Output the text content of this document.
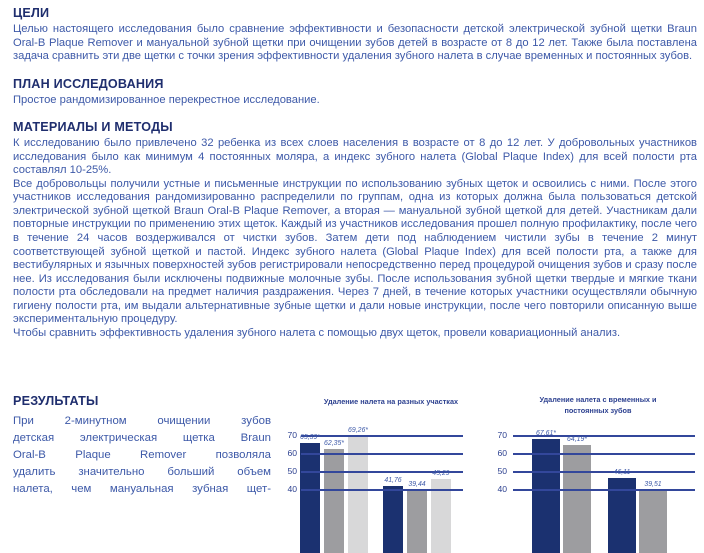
ЦЕЛИ

Целью настоящего исследования было сравнение эффективности и безопасности детской электрической зубной щетки Braun Oral-B Plaque Remover и мануальной зубной щетки при очищении зубов детей в возрасте от 8 до 12 лет. Также была поставлена задача сравнить эти две щетки с точки зрения эффективности удаления зубного налета в случае временных и постоянных зубов.

ПЛАН ИССЛЕДОВАНИЯ

Простое рандомизированное перекрестное исследование.

МАТЕРИАЛЫ И МЕТОДЫ

К исследованию было привлечено 32 ребенка из всех слоев населения в возрасте от 8 до 12 лет. У добровольных участников исследования было как минимум 4 постоянных моляра, а индекс зубного налета (Global Plaque Index) для всей полости рта составлял 10-25%.

Все добровольцы получили устные и письменные инструкции по использованию зубных щеток и освоились с ними. После этого участников исследования рандомизированно распределили по группам, одна из которых должна была пользоваться детской электрической зубной щеткой Braun Oral-B Plaque Remover, а вторая — мануальной зубной щеткой для детей. Участникам дали повторные инструкции по применению этих щеток. Каждый из участников исследования прошел полную профилактику, после чего в течение 24 часов воздерживался от чистки зубов. Затем дети под наблюдением чистили зубы в течение 2 минут соответствующей зубной щеткой и пастой. Индекс зубного налета (Global Plaque Index) для всей полости рта, а также для вестибулярных и язычных поверхностей зубов регистрировали непосредственно перед процедурой очищения зубов и сразу после нее. Из исследования были исключены подвижные молочные зубы. После использования зубной щетки твердые и мягкие ткани полости рта обследовали на предмет наличия раздражения. Через 7 дней, в течение которых участники осуществляли обычную гигиену полости рта, им выдали альтернативные зубные щетки и дали новые инструкции, после чего повторили описанную выше экспериментальную процедуру.

Чтобы сравнить эффективность удаления зубного налета с помощью двух щеток, провели ковариационный анализ.

РЕЗУЛЬТАТЫ
При 2-минутном очищении зубов
детская электрическая щетка Braun
Oral-B Plaque Remover позволяла
удалить значительно больший объем
налета, чем мануальная зубная щет-
Удаление налета на разных участках
70
60
50
40
65,39*
62,35*
69,26*
41,76
39,44
45,29
Удаление налета с временных и постоянных зубов
70
60
50
40
67,61*
64,19*
46,11
39,51
